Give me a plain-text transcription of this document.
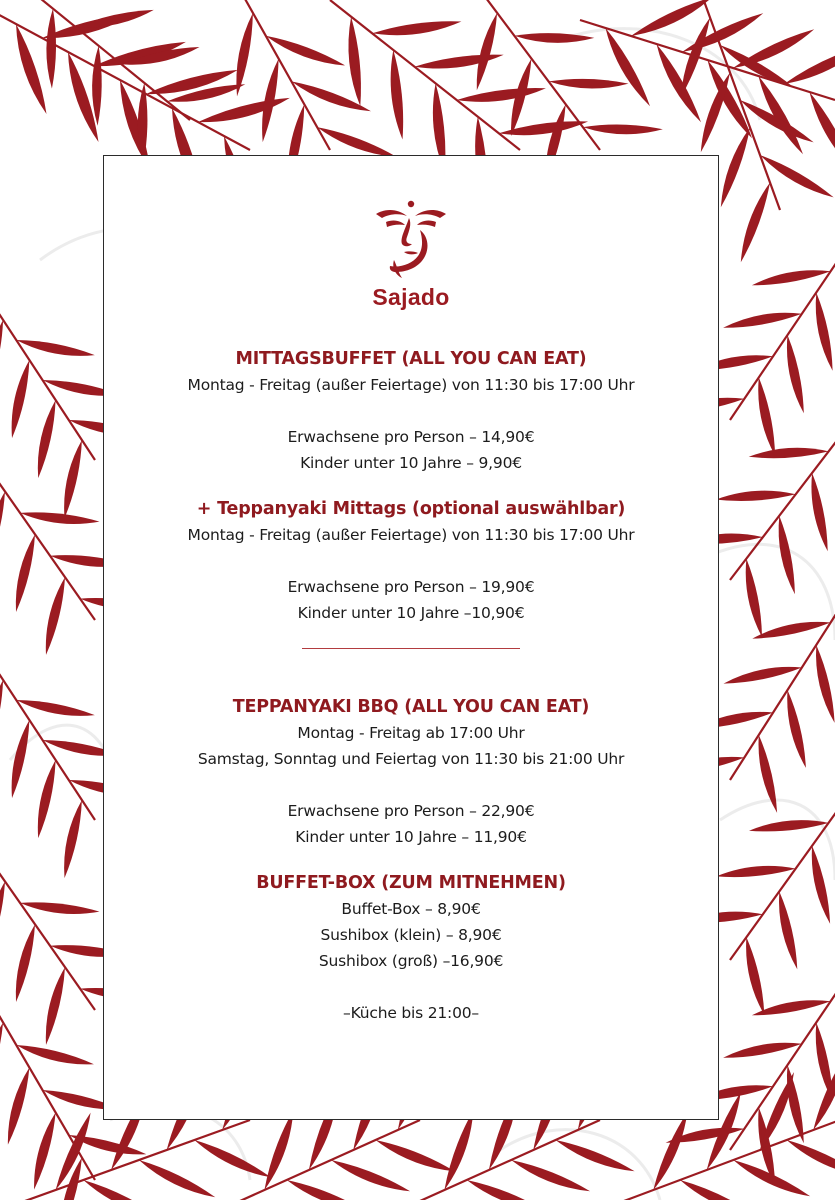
Sajado
MITTAGSBUFFET (ALL YOU CAN EAT)
Montag - Freitag (außer Feiertage) von 11:30 bis 17:00 Uhr
Erwachsene pro Person – 14,90€
Kinder unter 10 Jahre – 9,90€
+ Teppanyaki Mittags (optional auswählbar)
Montag - Freitag (außer Feiertage) von 11:30 bis 17:00 Uhr
Erwachsene pro Person – 19,90€
Kinder unter 10 Jahre –10,90€
TEPPANYAKI BBQ (ALL YOU CAN EAT)
Montag - Freitag ab 17:00 Uhr
Samstag, Sonntag und Feiertag von 11:30 bis 21:00 Uhr
Erwachsene pro Person – 22,90€
Kinder unter 10 Jahre – 11,90€
BUFFET-BOX (ZUM MITNEHMEN)
Buffet-Box – 8,90€
Sushibox (klein) – 8,90€
Sushibox (groß) –16,90€
–Küche bis 21:00–
